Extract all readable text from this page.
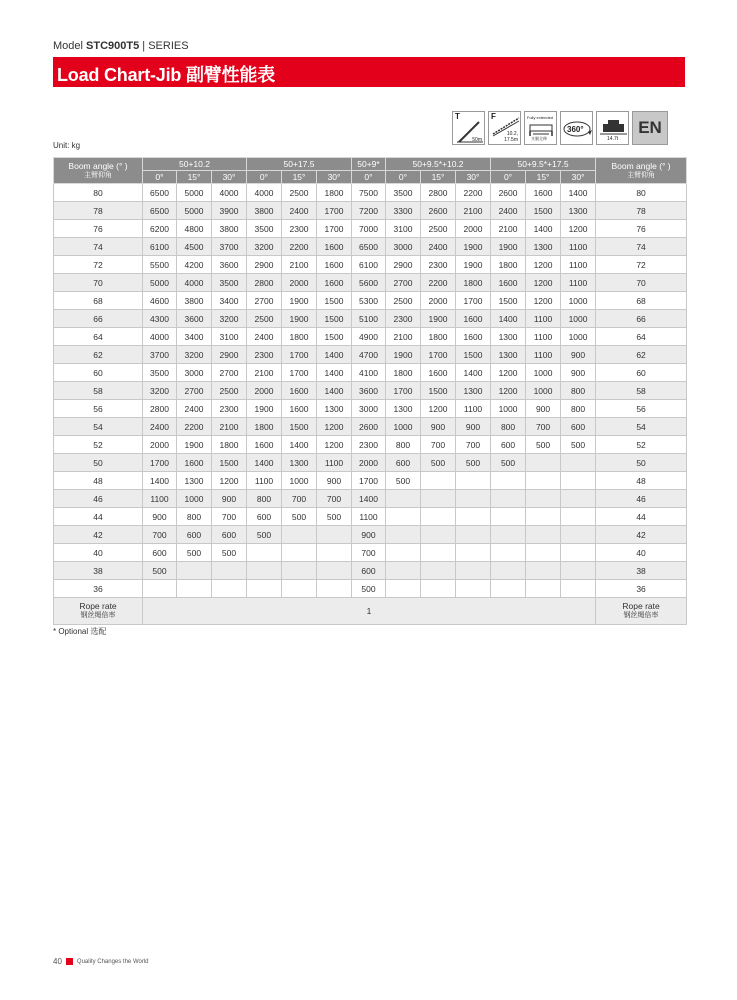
Model STC900T5 | SERIES
Load Chart-Jib 副臂性能表
T
50m
F
10.2,
17.5m
Fully extended
支腿全伸
360°
14.7t
EN
Unit: kg
Boom angle (° )
主臂仰角	50+10.2			50+17.5			50+9*	50+9.5*+10.2			50+9.5*+17.5			Boom angle (° )
主臂仰角

	0°	15°	30°	0°	15°	30°	0°	0°	15°	30°	0°	15°	30°	
80	6500	5000	4000	4000	2500	1800	7500	3500	2800	2200	2600	1600	1400	80
78	6500	5000	3900	3800	2400	1700	7200	3300	2600	2100	2400	1500	1300	78
76	6200	4800	3800	3500	2300	1700	7000	3100	2500	2000	2100	1400	1200	76
74	6100	4500	3700	3200	2200	1600	6500	3000	2400	1900	1900	1300	1100	74
72	5500	4200	3600	2900	2100	1600	6100	2900	2300	1900	1800	1200	1100	72
70	5000	4000	3500	2800	2000	1600	5600	2700	2200	1800	1600	1200	1100	70
68	4600	3800	3400	2700	1900	1500	5300	2500	2000	1700	1500	1200	1000	68
66	4300	3600	3200	2500	1900	1500	5100	2300	1900	1600	1400	1100	1000	66
64	4000	3400	3100	2400	1800	1500	4900	2100	1800	1600	1300	1100	1000	64
62	3700	3200	2900	2300	1700	1400	4700	1900	1700	1500	1300	1100	900	62
60	3500	3000	2700	2100	1700	1400	4100	1800	1600	1400	1200	1000	900	60
58	3200	2700	2500	2000	1600	1400	3600	1700	1500	1300	1200	1000	800	58
56	2800	2400	2300	1900	1600	1300	3000	1300	1200	1100	1000	900	800	56
54	2400	2200	2100	1800	1500	1200	2600	1000	900	900	800	700	600	54
52	2000	1900	1800	1600	1400	1200	2300	800	700	700	600	500	500	52
50	1700	1600	1500	1400	1300	1100	2000	600	500	500	500			50
48	1400	1300	1200	1100	1000	900	1700	500						48
46	1100	1000	900	800	700	700	1400							46
44	900	800	700	600	500	500	1100							44
42	700	600	600	500			900							42
40	600	500	500				700							40
38	500						600							38
36							500							36

Rope rate
钢丝绳倍率	1													Rope rate
钢丝绳倍率
* Optional 选配
40	Quality Changes the World
